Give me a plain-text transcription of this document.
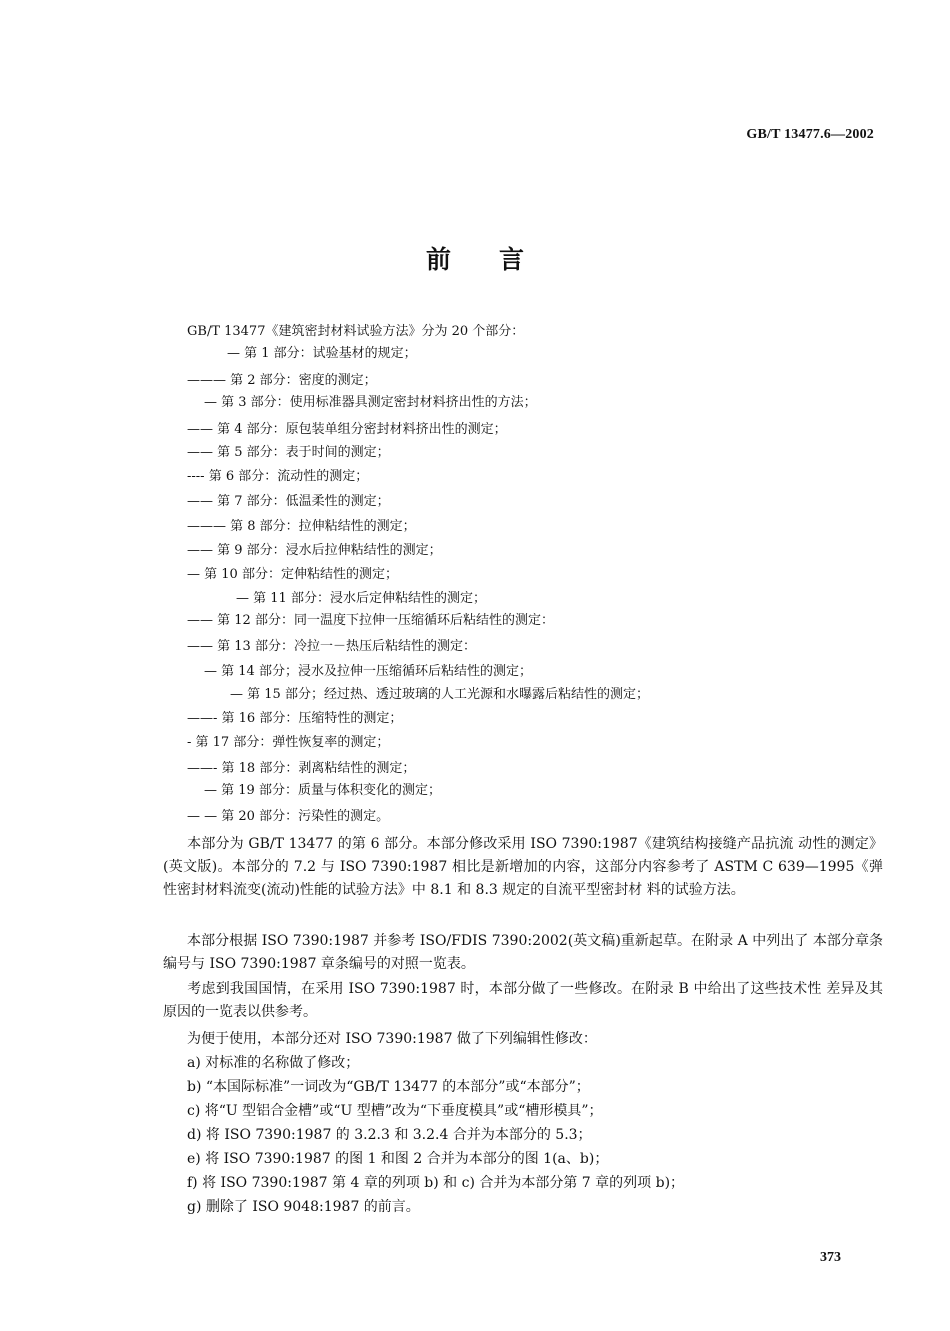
GB/T 13477.6—2002
前言
GB/T 13477《建筑密封材料试验方法》分为 20 个部分：
— 第 1 部分：试验基材的规定；
——— 第 2 部分：密度的测定；
— 第 3 部分：使用标准器具测定密封材料挤出性的方法；
—— 第 4 部分：原包装单组分密封材料挤出性的测定；
—— 第 5 部分：表于时间的测定；
---- 第 6 部分：流动性的测定；
—— 第 7 部分：低温柔性的测定；
——— 第 8 部分：拉伸粘结性的测定；
—— 第 9 部分：浸水后拉伸粘结性的测定；
— 第 10 部分：定伸粘结性的测定；
— 第 11 部分：浸水后定伸粘结性的测定；
—— 第 12 部分：同一温度下拉伸一压缩循环后粘结性的测定：
—— 第 13 部分：冷拉一－热压后粘结性的测定：
— 第 14 部分；浸水及拉伸一压缩循环后粘结性的测定；
— 第 15 部分；经过热、透过玻璃的人工光源和水曝露后粘结性的测定；
——- 第 16 部分：压缩特性的测定；
- 第 17 部分：弹性恢复率的测定；
——- 第 18 部分：剥离粘结性的测定；
— 第 19 部分：质量与体积变化的测定；
— — 第 20 部分：污染性的测定。
本部分为 GB/T 13477 的第 6 部分。本部分修改采用 ISO 7390:1987《建筑结构接缝产品抗流 动性的测定》(英文版)。本部分的 7.2 与 ISO 7390:1987 相比是新增加的内容，这部分内容参考了 ASTM C 639—1995《弹性密封材料流变(流动)性能的试验方法》中 8.1 和 8.3 规定的自流平型密封材 料的试验方法。
本部分根据 ISO 7390:1987 并参考 ISO/FDIS 7390:2002(英文稿)重新起草。在附录 A 中列出了 本部分章条编号与 ISO 7390:1987 章条编号的对照一览表。
考虑到我国国情，在采用 ISO 7390:1987 时，本部分做了一些修改。在附录 B 中给出了这些技术性 差异及其原因的一览表以供参考。
为便于使用，本部分还对 ISO 7390:1987 做了下列编辑性修改：
a) 对标准的名称做了修改；
b) “本国际标准”一词改为“GB/T 13477 的本部分”或“本部分”；
c) 将“U 型铝合金槽”或“U 型槽”改为“下垂度模具”或“槽形模具”；
d) 将 ISO 7390:1987 的 3.2.3 和 3.2.4 合并为本部分的 5.3；
e) 将 ISO 7390:1987 的图 1 和图 2 合并为本部分的图 1(a、b)；
f) 将 ISO 7390:1987 第 4 章的列项 b) 和 c) 合并为本部分第 7 章的列项 b)；
g) 删除了 ISO 9048:1987 的前言。
373
